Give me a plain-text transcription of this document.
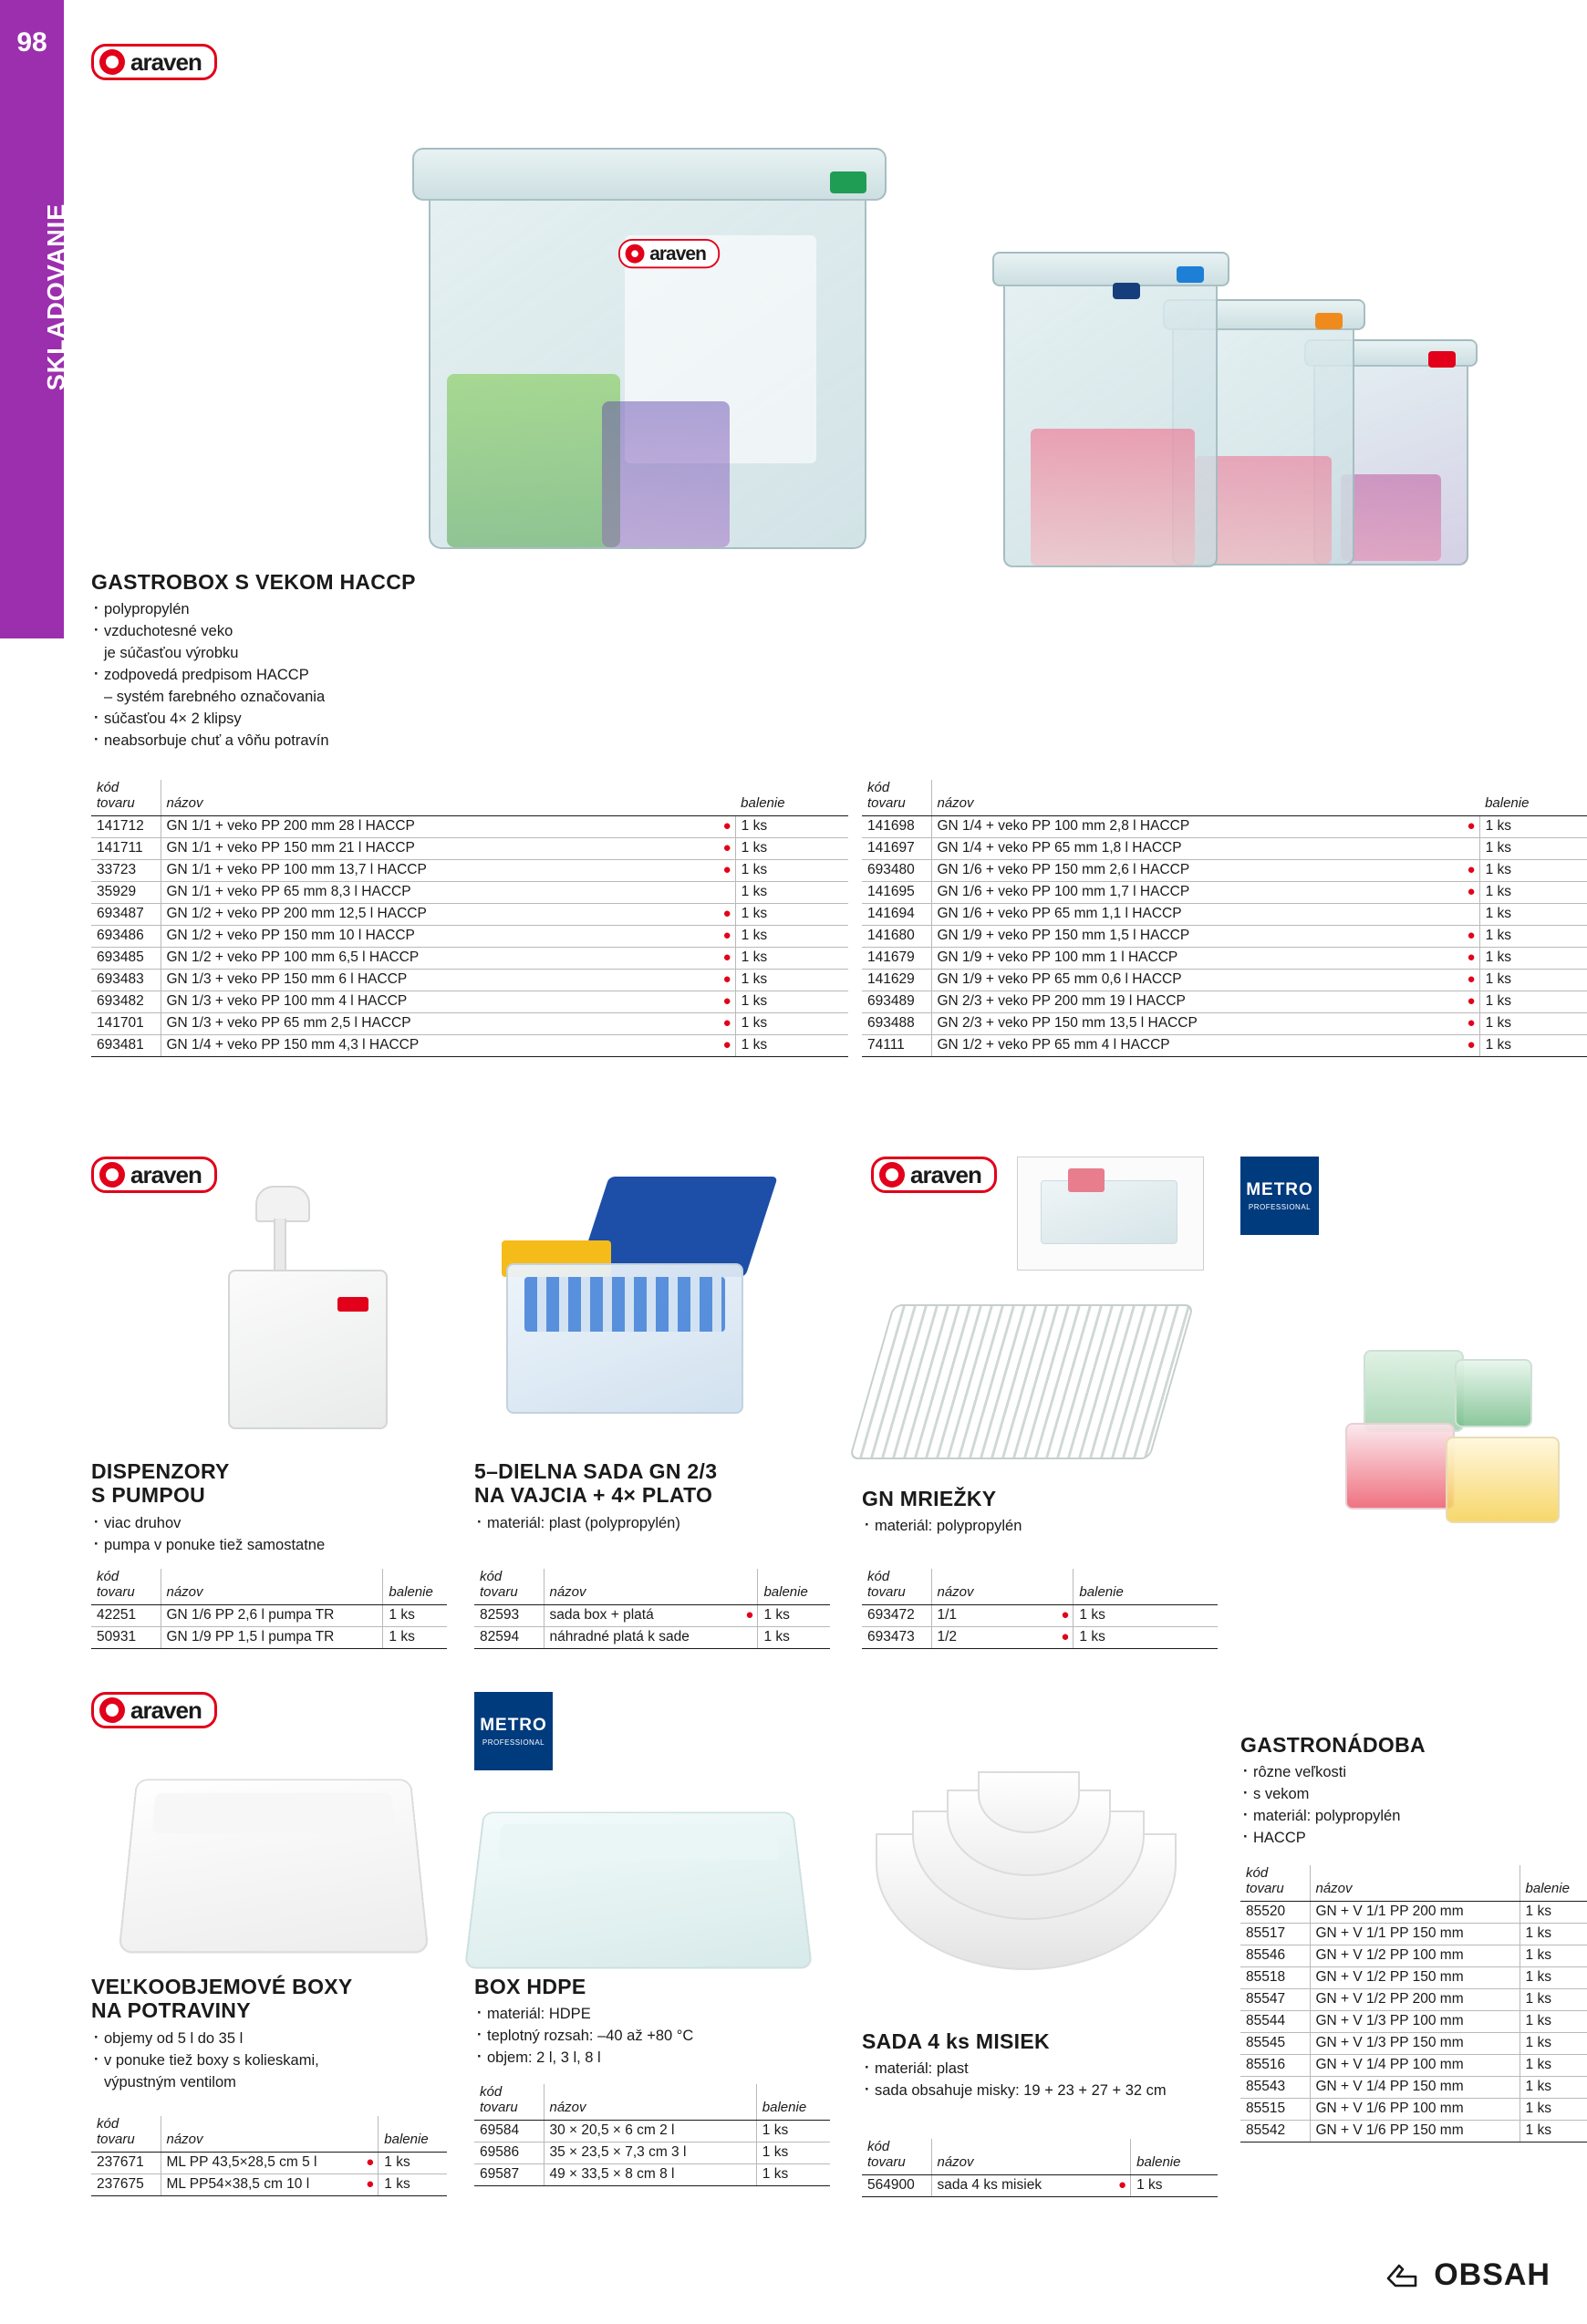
98
SKLADOVANIE
araven
araven
GASTROBOX S VEKOM HACCP
· polypropylén
· vzduchotesné veko
je súčasťou výrobku
· zodpovedá predpisom HACCP
– systém farebného označovania
· súčasťou 4× 2 klipsy
· neabsorbuje chuť a vôňu potravín
kód
tovaru	názov		balenie
141712	GN 1/1 + veko PP 200 mm 28 l HACCP	●	1 ks
141711	GN 1/1 + veko PP 150 mm 21 l HACCP	●	1 ks
33723	GN 1/1 + veko PP 100 mm 13,7 l HACCP	●	1 ks
35929	GN 1/1 + veko PP 65 mm 8,3 l HACCP		1 ks
693487	GN 1/2 + veko PP 200 mm 12,5 l HACCP	●	1 ks
693486	GN 1/2 + veko PP 150 mm 10 l HACCP	●	1 ks
693485	GN 1/2 + veko PP 100 mm 6,5 l HACCP	●	1 ks
693483	GN 1/3 + veko PP 150 mm 6 l HACCP	●	1 ks
693482	GN 1/3 + veko PP 100 mm 4 l HACCP	●	1 ks
141701	GN 1/3 + veko PP 65 mm 2,5 l HACCP	●	1 ks
693481	GN 1/4 + veko PP 150 mm 4,3 l HACCP	●	1 ks
kód
tovaru	názov		balenie
141698	GN 1/4 + veko PP 100 mm 2,8 l HACCP	●	1 ks
141697	GN 1/4 + veko PP 65 mm 1,8 l HACCP		1 ks
693480	GN 1/6 + veko PP 150 mm 2,6 l HACCP	●	1 ks
141695	GN 1/6 + veko PP 100 mm 1,7 l HACCP	●	1 ks
141694	GN 1/6 + veko PP 65 mm 1,1 l HACCP		1 ks
141680	GN 1/9 + veko PP 150 mm 1,5 l HACCP	●	1 ks
141679	GN 1/9 + veko PP 100 mm 1 l HACCP	●	1 ks
141629	GN 1/9 + veko PP 65 mm 0,6 l HACCP	●	1 ks
693489	GN 2/3 + veko PP 200 mm 19 l HACCP	●	1 ks
693488	GN 2/3 + veko PP 150 mm 13,5 l HACCP	●	1 ks
74111	GN 1/2 + veko PP 65 mm 4 l HACCP	●	1 ks
araven	araven
METRO
PROFESSIONAL
DISPENZORY
S PUMPOU
· viac druhov
· pumpa v ponuke tiež samostatne
kód
tovaru	názov		balenie
42251	GN 1/6 PP 2,6 l pumpa TR		1 ks
50931	GN 1/9 PP 1,5 l pumpa TR		1 ks
5–DIELNA SADA GN 2/3
NA VAJCIA + 4× PLATO
· materiál: plast (polypropylén)
kód
tovaru	názov		balenie
82593	sada box + platá	●	1 ks
82594	náhradné platá k sade		1 ks
GN MRIEŽKY
· materiál: polypropylén
kód
tovaru	názov		balenie
693472	1/1	●	1 ks
693473	1/2	●	1 ks
araven
METRO
PROFESSIONAL
VEĽKOOBJEMOVÉ BOXY
NA POTRAVINY
· objemy od 5 l do 35 l
· v ponuke tiež boxy s kolieskami,
výpustným ventilom
kód
tovaru	názov		balenie
237671	ML PP 43,5×28,5 cm 5 l	●	1 ks
237675	ML PP54×38,5 cm 10 l	●	1 ks
BOX HDPE
· materiál: HDPE
· teplotný rozsah: –40 až +80 °C
· objem: 2 l, 3 l, 8 l
kód
tovaru	názov		balenie
69584	30 × 20,5 × 6 cm 2 l		1 ks
69586	35 × 23,5 × 7,3 cm 3 l		1 ks
69587	49 × 33,5 × 8 cm 8 l		1 ks
SADA 4 ks MISIEK
· materiál: plast
· sada obsahuje misky: 19 + 23 + 27 + 32 cm
kód
tovaru	názov		balenie
564900	sada 4 ks misiek	●	1 ks
GASTRONÁDOBA
· rôzne veľkosti
· s vekom
· materiál: polypropylén
· HACCP
kód
tovaru	názov		balenie
85520	GN + V 1/1 PP 200 mm		1 ks
85517	GN + V 1/1 PP 150 mm		1 ks
85546	GN + V 1/2 PP 100 mm		1 ks
85518	GN + V 1/2 PP 150 mm		1 ks
85547	GN + V 1/2 PP 200 mm		1 ks
85544	GN + V 1/3 PP 100 mm		1 ks
85545	GN + V 1/3 PP 150 mm		1 ks
85516	GN + V 1/4 PP 100 mm		1 ks
85543	GN + V 1/4 PP 150 mm		1 ks
85515	GN + V 1/6 PP 100 mm		1 ks
85542	GN + V 1/6 PP 150 mm		1 ks
OBSAH
